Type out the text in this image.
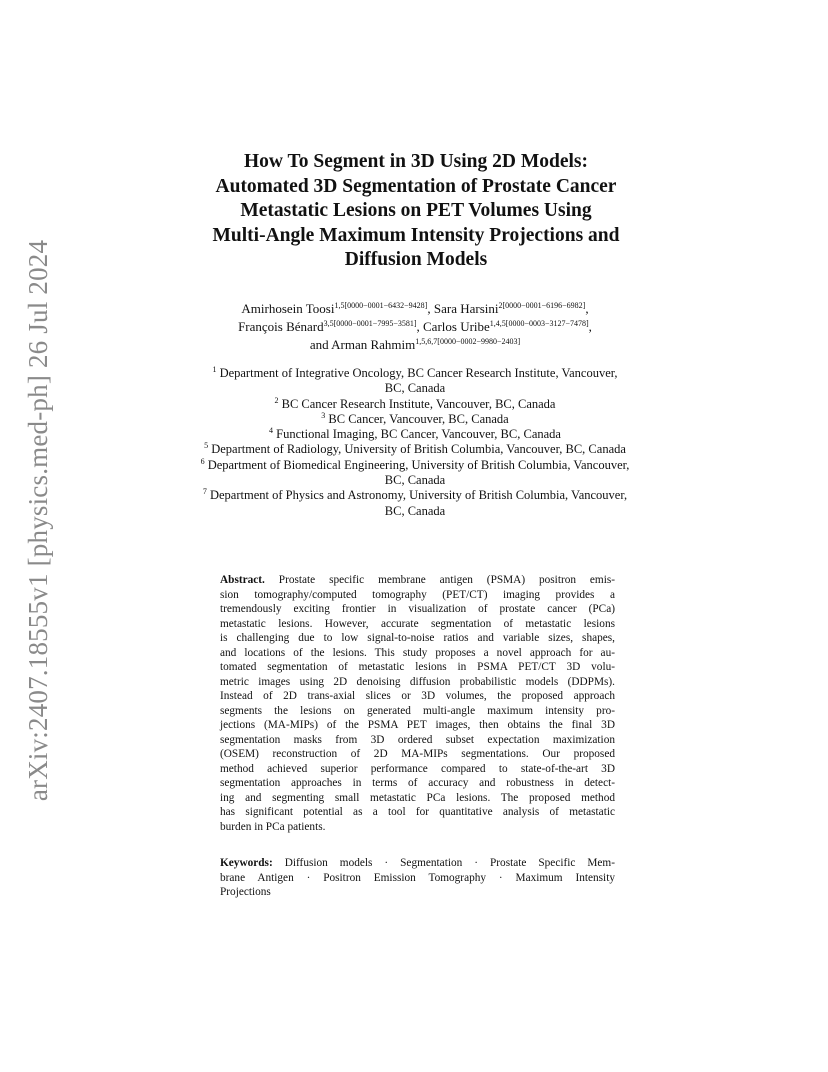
arXiv:2407.18555v1 [physics.med-ph] 26 Jul 2024
How To Segment in 3D Using 2D Models:
Automated 3D Segmentation of Prostate Cancer
Metastatic Lesions on PET Volumes Using
Multi-Angle Maximum Intensity Projections and
Diffusion Models
Amirhosein Toosi$^{1,5[0000-0001-6432-9428]}$, Sara Harsini$^{2[0000-0001-6196-6982]}$,
François Bénard$^{3,5[0000-0001-7995-3581]}$, Carlos Uribe$^{1,4,5[0000-0003-3127-7478]}$,
and Arman Rahmim$^{1,5,6,7[0000-0002-9980-2403]}$
$^1$ Department of Integrative Oncology, BC Cancer Research Institute, Vancouver,
BC, Canada
$^2$ BC Cancer Research Institute, Vancouver, BC, Canada
$^3$ BC Cancer, Vancouver, BC, Canada
$^4$ Functional Imaging, BC Cancer, Vancouver, BC, Canada
$^5$ Department of Radiology, University of British Columbia, Vancouver, BC, Canada
$^6$ Department of Biomedical Engineering, University of British Columbia, Vancouver,
BC, Canada
$^7$ Department of Physics and Astronomy, University of British Columbia, Vancouver,
BC, Canada
Abstract. Prostate specific membrane antigen (PSMA) positron emis-
sion tomography/computed tomography (PET/CT) imaging provides a
tremendously exciting frontier in visualization of prostate cancer (PCa)
metastatic lesions. However, accurate segmentation of metastatic lesions
is challenging due to low signal-to-noise ratios and variable sizes, shapes,
and locations of the lesions. This study proposes a novel approach for au-
tomated segmentation of metastatic lesions in PSMA PET/CT 3D volu-
metric images using 2D denoising diffusion probabilistic models (DDPMs).
Instead of 2D trans-axial slices or 3D volumes, the proposed approach
segments the lesions on generated multi-angle maximum intensity pro-
jections (MA-MIPs) of the PSMA PET images, then obtains the final 3D
segmentation masks from 3D ordered subset expectation maximization
(OSEM) reconstruction of 2D MA-MIPs segmentations. Our proposed
method achieved superior performance compared to state-of-the-art 3D
segmentation approaches in terms of accuracy and robustness in detect-
ing and segmenting small metastatic PCa lesions. The proposed method
has significant potential as a tool for quantitative analysis of metastatic
burden in PCa patients.
Keywords: Diffusion models · Segmentation · Prostate Specific Mem-
brane Antigen · Positron Emission Tomography · Maximum Intensity
Projections
